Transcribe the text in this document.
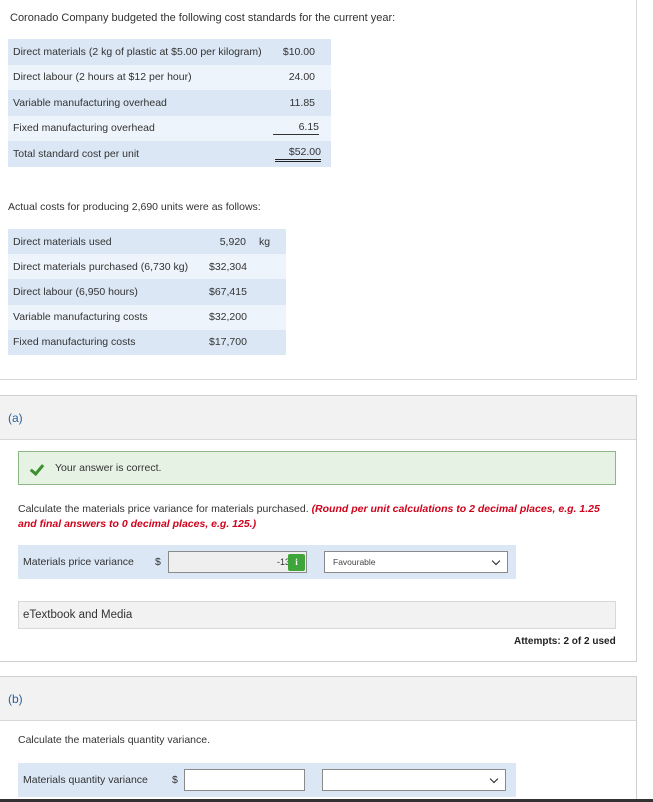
Coronado Company budgeted the following cost standards for the current year:
Direct materials (2 kg of plastic at $5.00 per kilogram) $10.00
Direct labour (2 hours at $12 per hour)	24.00
Variable manufacturing overhead	11.85
Fixed manufacturing overhead	6.15
Total standard cost per unit	$52.00
Actual costs for producing 2,690 units were as follows:
Direct materials used	5,920 kg
Direct materials purchased (6,730 kg) $32,304
Direct labour (6,950 hours)	$67,415
Variable manufacturing costs	$32,200
Fixed manufacturing costs	$17,700
(a)
Your answer is correct.
Calculate the materials price variance for materials purchased. (Round per unit calculations to 2 decimal places, e.g. 1.25 and final answers to 0 decimal places, e.g. 125.)
Materials price variance $
-1346	i	Favourable
eTextbook and Media
Attempts: 2 of 2 used
(b)
Calculate the materials quantity variance.
Materials quantity variance $
